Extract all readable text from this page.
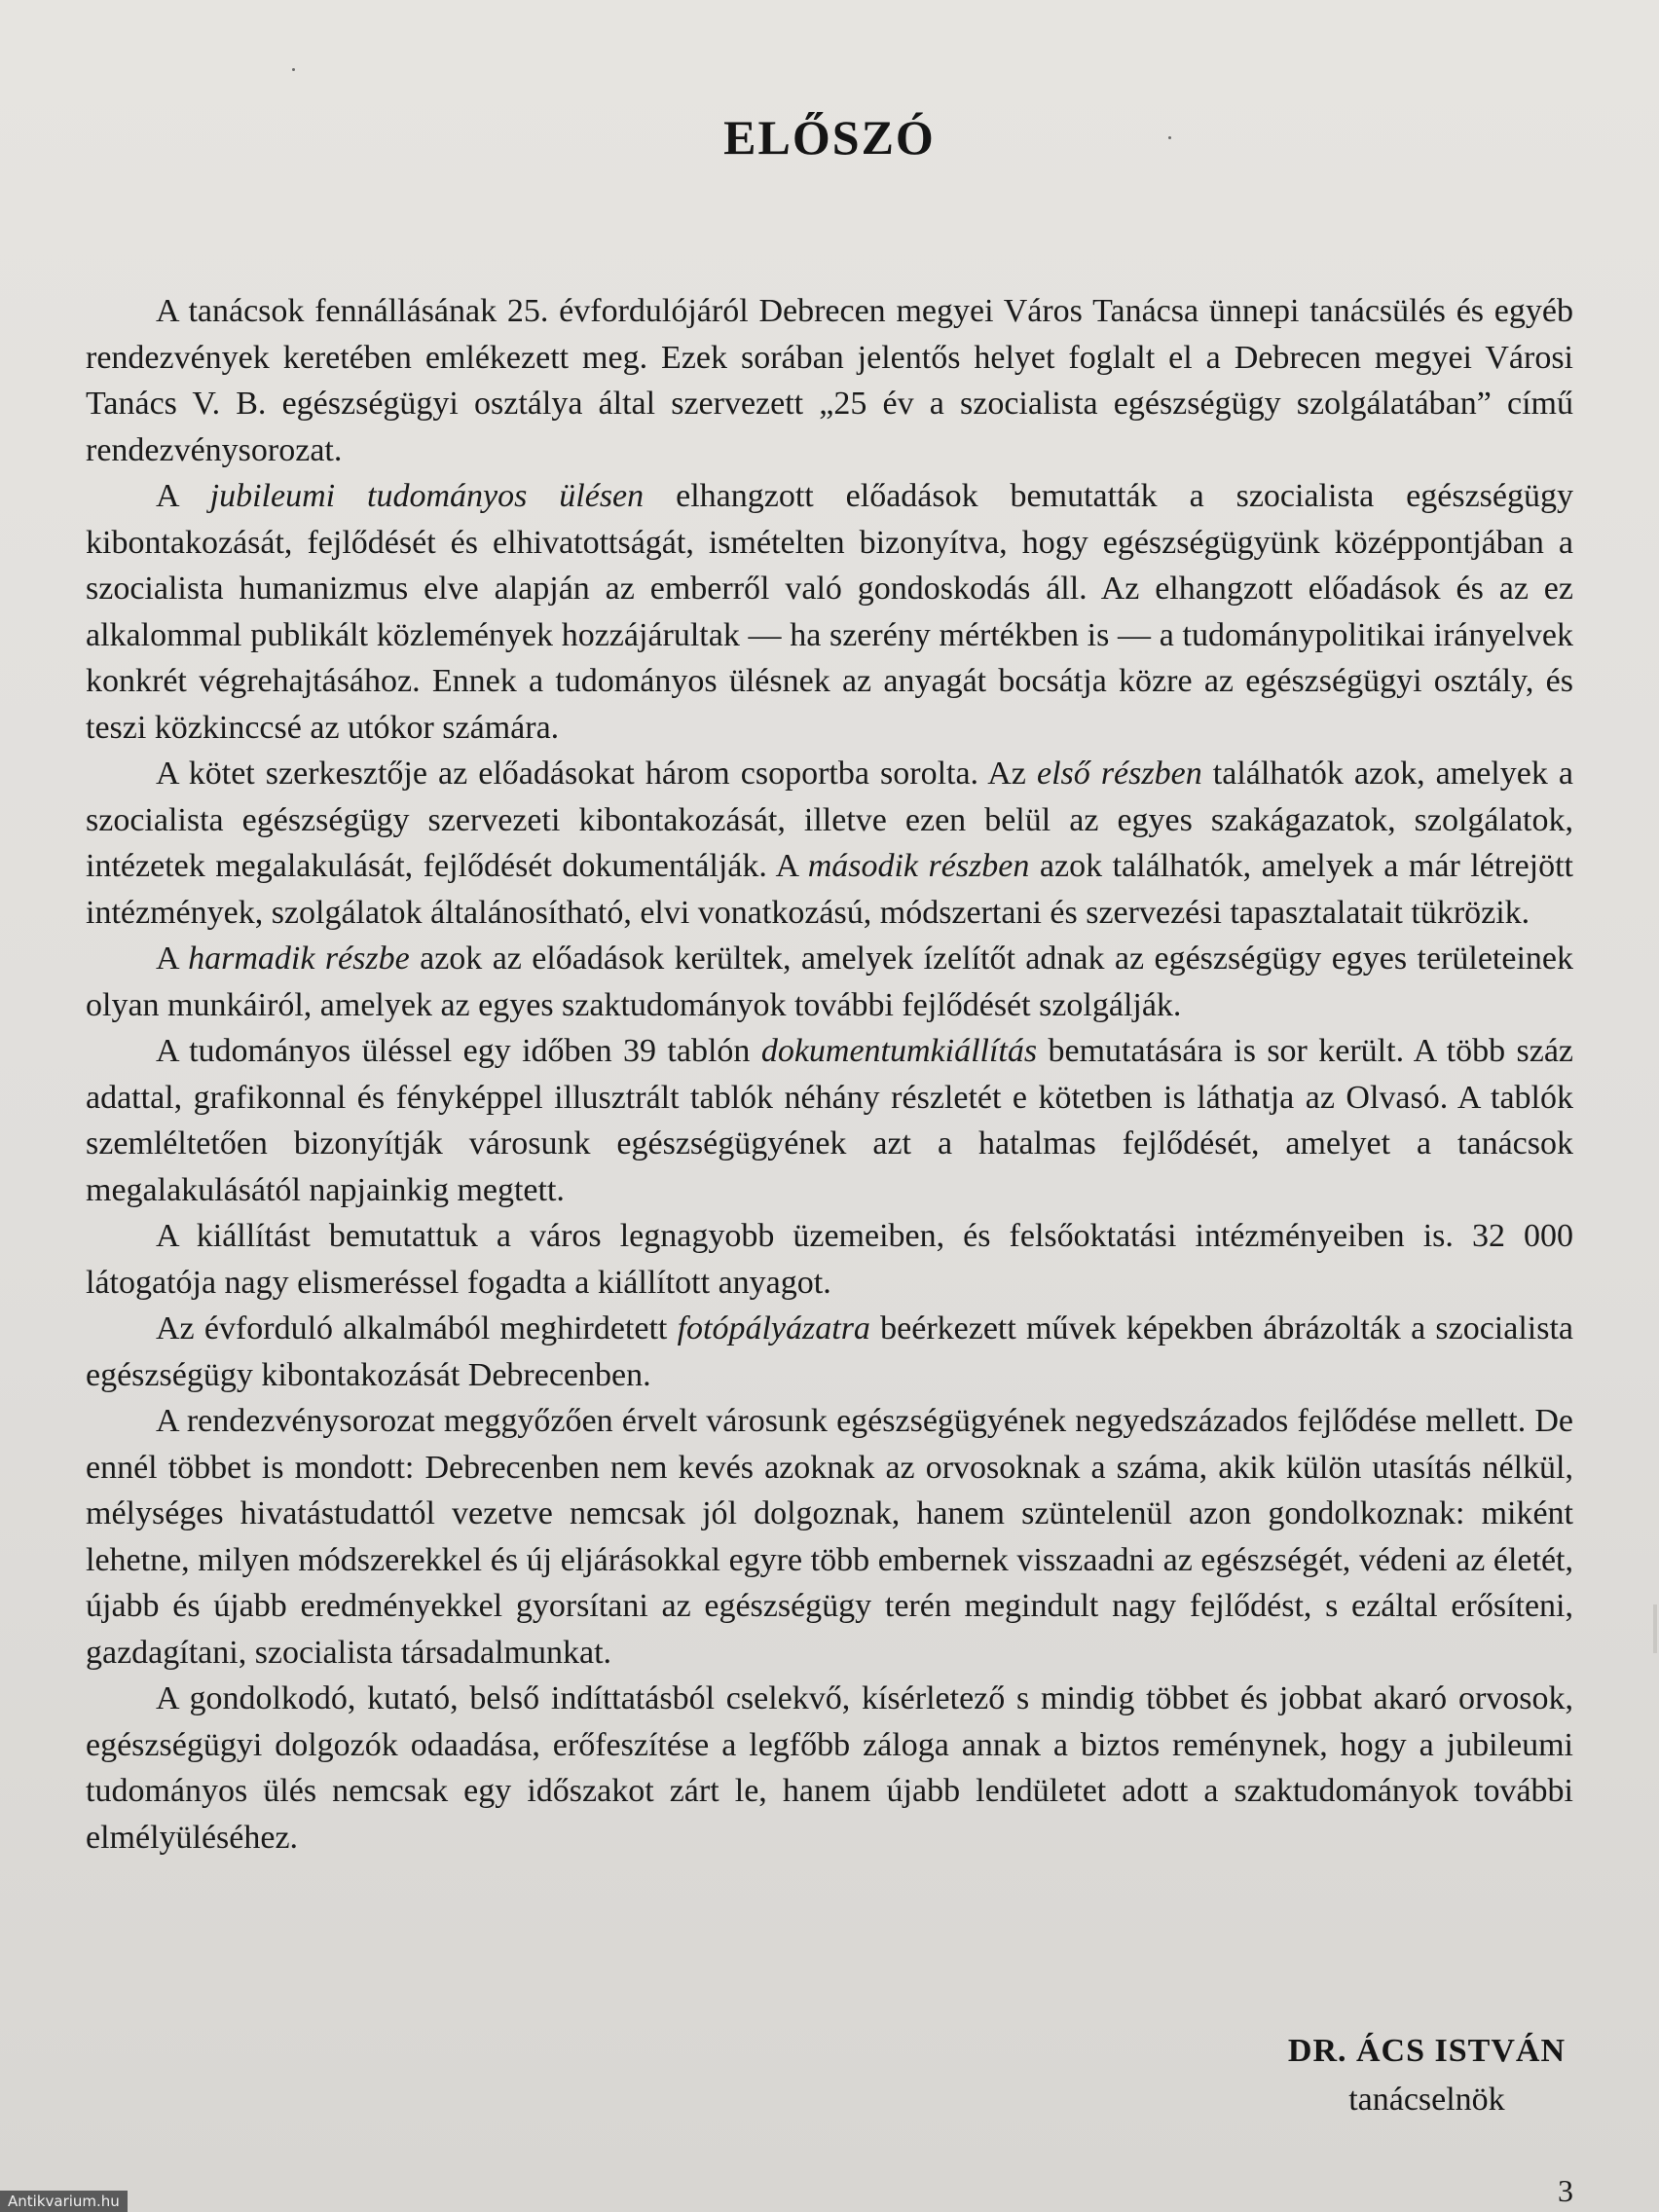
ELŐSZÓ

A tanácsok fennállásának 25. évfordulójáról Debrecen megyei Város Tanácsa ünnepi tanácsülés és egyéb rendezvények keretében emlékezett meg. Ezek sorában jelentős helyet foglalt el a Debrecen megyei Városi Tanács V. B. egészségügyi osztálya által szervezett „25 év a szocialista egészségügy szolgálatában” című rendezvénysorozat.

A jubileumi tudományos ülésen elhangzott előadások bemutatták a szocialista egészségügy kibontakozását, fejlődését és elhivatottságát, ismételten bizonyítva, hogy egészségügyünk középpontjában a szocialista humanizmus elve alapján az emberről való gondoskodás áll. Az elhangzott előadások és az ez alkalommal publikált közlemények hozzájárultak — ha szerény mértékben is — a tudománypolitikai irányelvek konkrét végrehajtásához. Ennek a tudományos ülésnek az anyagát bocsátja közre az egészségügyi osztály, és teszi közkinccsé az utókor számára.

A kötet szerkesztője az előadásokat három csoportba sorolta. Az első részben találhatók azok, amelyek a szocialista egészségügy szervezeti kibontakozását, illetve ezen belül az egyes szakágazatok, szolgálatok, intézetek megalakulását, fejlődését dokumentálják. A második részben azok találhatók, amelyek a már létrejött intézmények, szolgálatok általánosítható, elvi vonatkozású, módszertani és szervezési tapasztalatait tükrözik.

A harmadik részbe azok az előadások kerültek, amelyek ízelítőt adnak az egészségügy egyes területeinek olyan munkáiról, amelyek az egyes szaktudományok további fejlődését szolgálják.

A tudományos üléssel egy időben 39 tablón dokumentumkiállítás bemutatására is sor került. A több száz adattal, grafikonnal és fényképpel illusztrált tablók néhány részletét e kötetben is láthatja az Olvasó. A tablók szemléltetően bizonyítják városunk egészségügyének azt a hatalmas fejlődését, amelyet a tanácsok megalakulásától napjainkig megtett.

A kiállítást bemutattuk a város legnagyobb üzemeiben, és felsőoktatási intézményeiben is. 32 000 látogatója nagy elismeréssel fogadta a kiállított anyagot.

Az évforduló alkalmából meghirdetett fotópályázatra beérkezett művek képekben ábrázolták a szocialista egészségügy kibontakozását Debrecenben.

A rendezvénysorozat meggyőzően érvelt városunk egészségügyének negyedszázados fejlődése mellett. De ennél többet is mondott: Debrecenben nem kevés azoknak az orvosoknak a száma, akik külön utasítás nélkül, mélységes hivatástudattól vezetve nemcsak jól dolgoznak, hanem szüntelenül azon gondolkoznak: miként lehetne, milyen módszerekkel és új eljárásokkal egyre több embernek visszaadni az egészségét, védeni az életét, újabb és újabb eredményekkel gyorsítani az egészségügy terén megindult nagy fejlődést, s ezáltal erősíteni, gazdagítani, szocialista társadalmunkat.

A gondolkodó, kutató, belső indíttatásból cselekvő, kísérletező s mindig többet és jobbat akaró orvosok, egészségügyi dolgozók odaadása, erőfeszítése a legfőbb záloga annak a biztos reménynek, hogy a jubileumi tudományos ülés nemcsak egy időszakot zárt le, hanem újabb lendületet adott a szaktudományok további elmélyüléséhez.

DR. ÁCS ISTVÁN
tanácselnök
3
Antikvarium.hu
